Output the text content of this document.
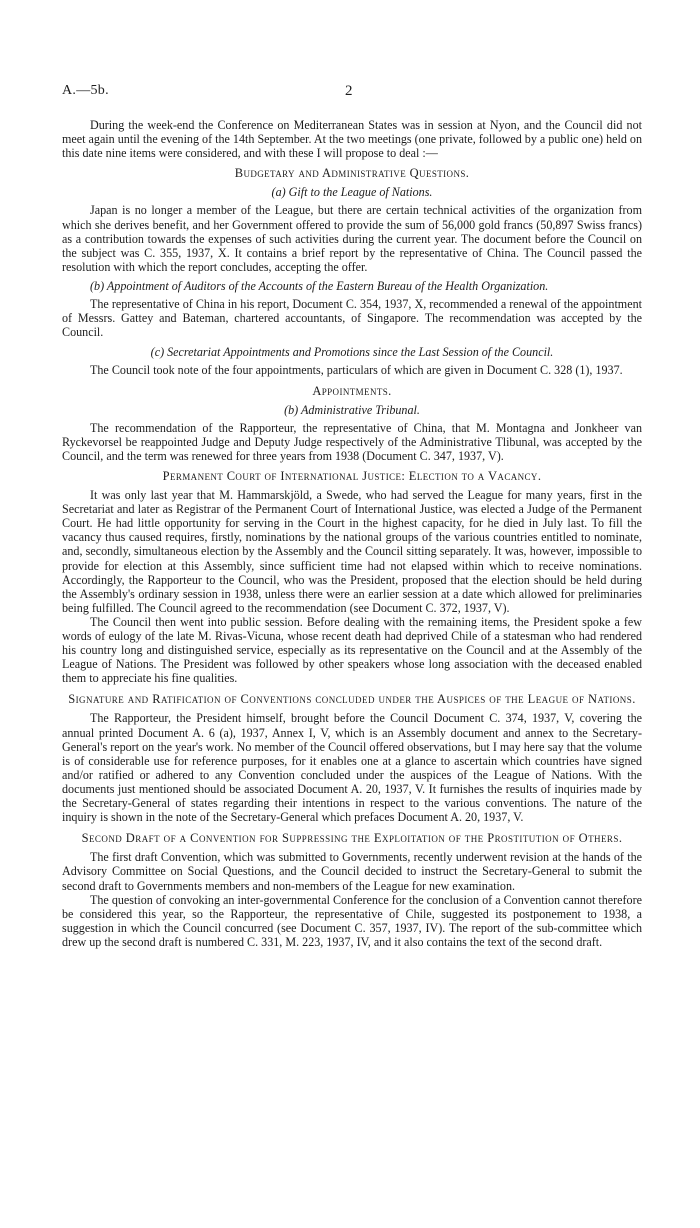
A.—5b.	2

During the week-end the Conference on Mediterranean States was in session at Nyon, and the Council did not meet again until the evening of the 14th September. At the two meetings (one private, followed by a public one) held on this date nine items were considered, and with these I will propose to deal :—

Budgetary and Administrative Questions.
(a) Gift to the League of Nations.

Japan is no longer a member of the League, but there are certain technical activities of the organization from which she derives benefit, and her Government offered to provide the sum of 56,000 gold francs (50,897 Swiss francs) as a contribution towards the expenses of such activities during the current year. The document before the Council on the subject was C. 355, 1937, X. It contains a brief report by the representative of China. The Council passed the resolution with which the report concludes, accepting the offer.

(b) Appointment of Auditors of the Accounts of the Eastern Bureau of the Health Organization.

The representative of China in his report, Document C. 354, 1937, X, recommended a renewal of the appointment of Messrs. Gattey and Bateman, chartered accountants, of Singapore. The recommendation was accepted by the Council.

(c) Secretariat Appointments and Promotions since the Last Session of the Council.

The Council took note of the four appointments, particulars of which are given in Document C. 328 (1), 1937.

Appointments.
(b) Administrative Tribunal.

The recommendation of the Rapporteur, the representative of China, that M. Montagna and Jonkheer van Ryckevorsel be reappointed Judge and Deputy Judge respectively of the Administrative Tlibunal, was accepted by the Council, and the term was renewed for three years from 1938 (Document C. 347, 1937, V).

Permanent Court of International Justice: Election to a Vacancy.

It was only last year that M. Hammarskjöld, a Swede, who had served the League for many years, first in the Secretariat and later as Registrar of the Permanent Court of International Justice, was elected a Judge of the Permanent Court. He had little opportunity for serving in the Court in the highest capacity, for he died in July last. To fill the vacancy thus caused requires, firstly, nominations by the national groups of the various countries entitled to nominate, and, secondly, simultaneous election by the Assembly and the Council sitting separately. It was, however, impossible to provide for election at this Assembly, since sufficient time had not elapsed within which to receive nominations. Accordingly, the Rapporteur to the Council, who was the President, proposed that the election should be held during the Assembly's ordinary session in 1938, unless there were an earlier session at a date which allowed for preliminaries being fulfilled. The Council agreed to the recommendation (see Document C. 372, 1937, V).

The Council then went into public session. Before dealing with the remaining items, the President spoke a few words of eulogy of the late M. Rivas-Vicuna, whose recent death had deprived Chile of a statesman who had rendered his country long and distinguished service, especially as its representative on the Council and at the Assembly of the League of Nations. The President was followed by other speakers whose long association with the deceased enabled them to appreciate his fine qualities.

Signature and Ratification of Conventions concluded under the Auspices of the League of Nations.

The Rapporteur, the President himself, brought before the Council Document C. 374, 1937, V, covering the annual printed Document A. 6 (a), 1937, Annex I, V, which is an Assembly document and annex to the Secretary-General's report on the year's work. No member of the Council offered observations, but I may here say that the volume is of considerable use for reference purposes, for it enables one at a glance to ascertain which countries have signed and/or ratified or adhered to any Convention concluded under the auspices of the League of Nations. With the documents just mentioned should be associated Document A. 20, 1937, V. It furnishes the results of inquiries made by the Secretary-General of states regarding their intentions in respect to the various conventions. The nature of the inquiry is shown in the note of the Secretary-General which prefaces Document A. 20, 1937, V.

Second Draft of a Convention for Suppressing the Exploitation of the Prostitution of Others.

The first draft Convention, which was submitted to Governments, recently underwent revision at the hands of the Advisory Committee on Social Questions, and the Council decided to instruct the Secretary-General to submit the second draft to Governments members and non-members of the League for new examination.

The question of convoking an inter-governmental Conference for the conclusion of a Convention cannot therefore be considered this year, so the Rapporteur, the representative of Chile, suggested its postponement to 1938, a suggestion in which the Council concurred (see Document C. 357, 1937, IV). The report of the sub-committee which drew up the second draft is numbered C. 331, M. 223, 1937, IV, and it also contains the text of the second draft.
